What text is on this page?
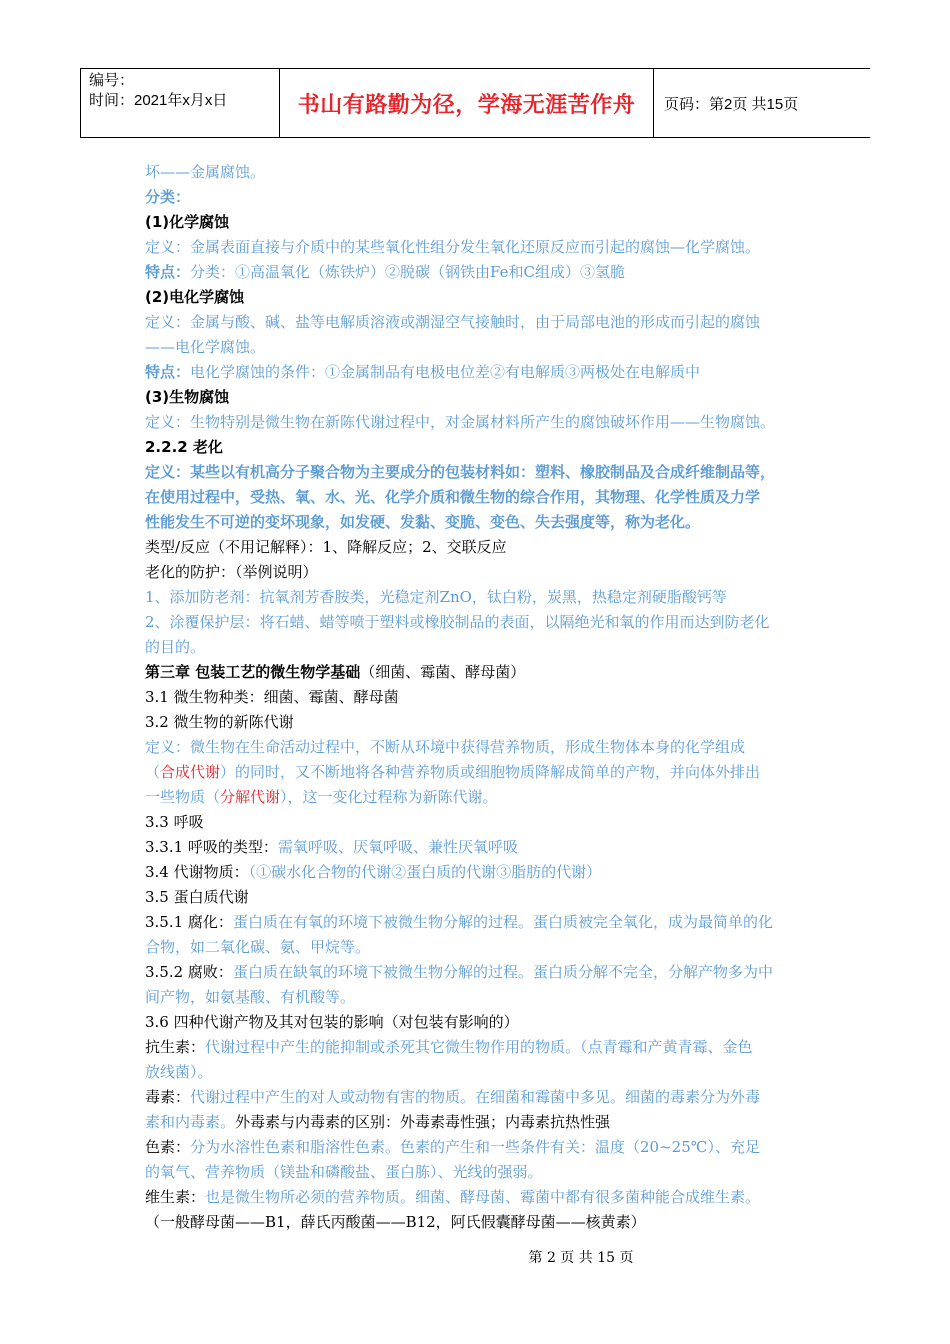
编号：
时间：2021年x月x日	书山有路勤为径，学海无涯苦作舟 页码：第2页 共15页
坏——金属腐蚀。
分类：
(1)化学腐蚀
定义：金属表面直接与介质中的某些氧化性组分发生氧化还原反应而引起的腐蚀—化学腐蚀。
特点：分类：①高温氧化（炼铁炉）②脱碳（钢铁由Fe和C组成）③氢脆
(2)电化学腐蚀
定义：金属与酸、碱、盐等电解质溶液或潮湿空气接触时，由于局部电池的形成而引起的腐蚀
——电化学腐蚀。
特点：电化学腐蚀的条件：①金属制品有电极电位差②有电解质③两极处在电解质中
(3)生物腐蚀
定义：生物特别是微生物在新陈代谢过程中，对金属材料所产生的腐蚀破坏作用——生物腐蚀。
2.2.2 老化
定义：某些以有机高分子聚合物为主要成分的包装材料如：塑料、橡胶制品及合成纤维制品等，
在使用过程中，受热、氧、水、光、化学介质和微生物的综合作用，其物理、化学性质及力学
性能发生不可逆的变坏现象，如发硬、发黏、变脆、变色、失去强度等，称为老化。
类型/反应（不用记解释）：1、降解反应；2、交联反应
老化的防护：（举例说明）
1、添加防老剂：抗氧剂芳香胺类，光稳定剂ZnO，钛白粉，炭黑，热稳定剂硬脂酸钙等
2、涂覆保护层：将石蜡、蜡等喷于塑料或橡胶制品的表面，以隔绝光和氧的作用而达到防老化
的目的。
第三章 包装工艺的微生物学基础（细菌、霉菌、酵母菌）
3.1 微生物种类：细菌、霉菌、酵母菌
3.2 微生物的新陈代谢
定义：微生物在生命活动过程中，不断从环境中获得营养物质，形成生物体本身的化学组成
（合成代谢）的同时，又不断地将各种营养物质或细胞物质降解成简单的产物，并向体外排出
一些物质（分解代谢），这一变化过程称为新陈代谢。
3.3 呼吸
3.3.1 呼吸的类型：需氧呼吸、厌氧呼吸、兼性厌氧呼吸
3.4 代谢物质：（①碳水化合物的代谢②蛋白质的代谢③脂肪的代谢）
3.5 蛋白质代谢
3.5.1 腐化：蛋白质在有氧的环境下被微生物分解的过程。蛋白质被完全氧化，成为最简单的化
合物，如二氧化碳、氨、甲烷等。
3.5.2 腐败：蛋白质在缺氧的环境下被微生物分解的过程。蛋白质分解不完全，分解产物多为中
间产物，如氨基酸、有机酸等。
3.6 四种代谢产物及其对包装的影响（对包装有影响的）
抗生素：代谢过程中产生的能抑制或杀死其它微生物作用的物质。（点青霉和产黄青霉、金色
放线菌）。
毒素：代谢过程中产生的对人或动物有害的物质。在细菌和霉菌中多见。细菌的毒素分为外毒
素和内毒素。外毒素与内毒素的区别：外毒素毒性强；内毒素抗热性强
色素：分为水溶性色素和脂溶性色素。色素的产生和一些条件有关：温度（20~25℃）、充足
的氧气、营养物质（镁盐和磷酸盐、蛋白胨）、光线的强弱。
维生素：也是微生物所必须的营养物质。细菌、酵母菌、霉菌中都有很多菌种能合成维生素。
（一般酵母菌——B1，薛氏丙酸菌——B12，阿氏假囊酵母菌——核黄素）
第 2 页 共 15 页
